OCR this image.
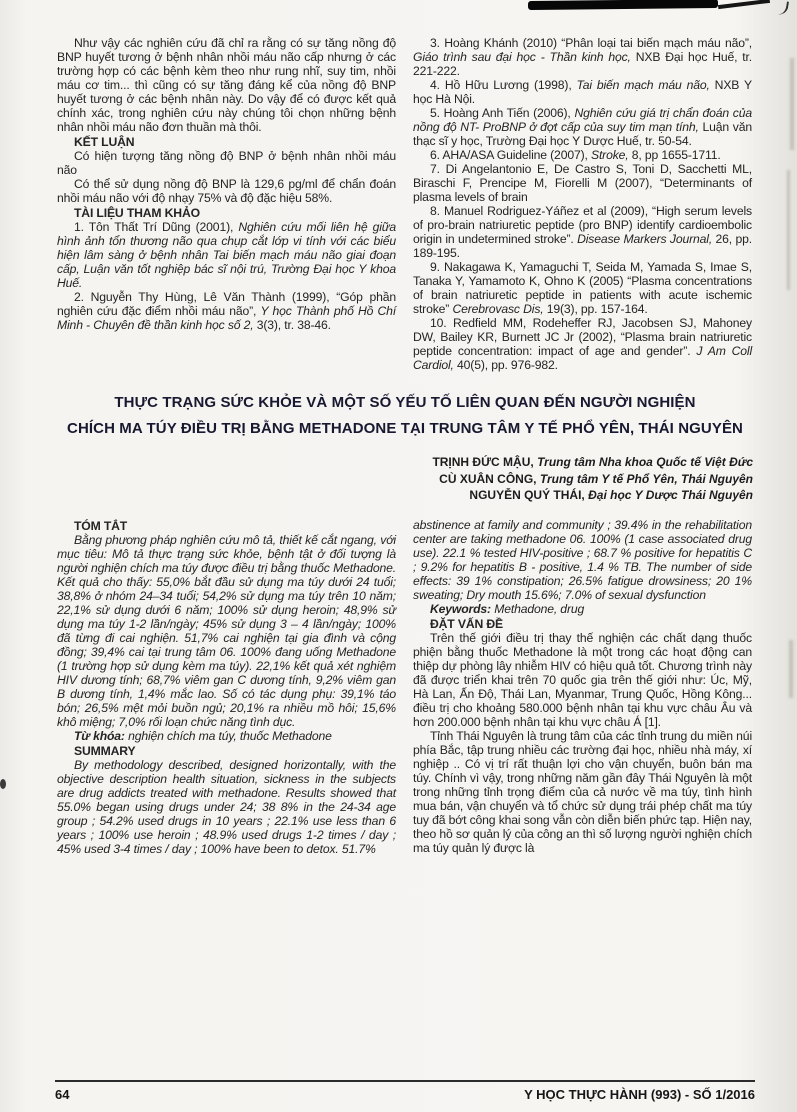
Như vậy các nghiên cứu đã chỉ ra rằng có sự tăng nồng độ BNP huyết tương ở bệnh nhân nhồi máu não cấp nhưng ở các trường hợp có các bệnh kèm theo như rung nhĩ, suy tim, nhồi máu cơ tim... thì cũng có sự tăng đáng kể của nồng độ BNP huyết tương ở các bệnh nhân này. Do vậy để có được kết quả chính xác, trong nghiên cứu này chúng tôi chọn những bệnh nhân nhồi máu não đơn thuần mà thôi.

KẾT LUẬN

Có hiện tượng tăng nồng độ BNP ở bệnh nhân nhồi máu não

Có thể sử dụng nồng độ BNP là 129,6 pg/ml để chẩn đoán nhồi máu não với độ nhạy 75% và độ đặc hiệu 58%.

TÀI LIỆU THAM KHẢO

1. Tôn Thất Trí Dũng (2001), Nghiên cứu mối liên hệ giữa hình ảnh tổn thương não qua chụp cắt lớp vi tính với các biểu hiện lâm sàng ở bệnh nhân Tai biến mạch máu não giai đoạn cấp, Luận văn tốt nghiệp bác sĩ nội trú, Trường Đại học Y khoa Huế.

2. Nguyễn Thy Hùng, Lê Văn Thành (1999), “Góp phần nghiên cứu đặc điểm nhồi máu não”, Y học Thành phố Hồ Chí Minh - Chuyên đề thần kinh học số 2, 3(3), tr. 38-46.

3. Hoàng Khánh (2010) “Phân loại tai biến mạch máu não”, Giáo trình sau đại học - Thần kinh học, NXB Đại học Huế, tr. 221-222.

4. Hồ Hữu Lương (1998), Tai biến mạch máu não, NXB Y học Hà Nội.

5. Hoàng Anh Tiến (2006), Nghiên cứu giá trị chẩn đoán của nồng độ NT- ProBNP ở đợt cấp của suy tim mạn tính, Luận văn thạc sĩ y học, Trường Đại học Y Dược Huế, tr. 50-54.

6. AHA/ASA Guideline (2007), Stroke, 8, pp 1655-1711.

7. Di Angelantonio E, De Castro S, Toni D, Sacchetti ML, Biraschi F, Prencipe M, Fiorelli M (2007), “Determinants of plasma levels of brain

8. Manuel Rodriguez-Yáñez et al (2009), “High serum levels of pro-brain natriuretic peptide (pro BNP) identify cardioembolic origin in undetermined stroke”. Disease Markers Journal, 26, pp. 189-195.

9. Nakagawa K, Yamaguchi T, Seida M, Yamada S, Imae S, Tanaka Y, Yamamoto K, Ohno K (2005) “Plasma concentrations of brain natriuretic peptide in patients with acute ischemic stroke” Cerebrovasc Dis, 19(3), pp. 157-164.

10. Redfield MM, Rodeheffer RJ, Jacobsen SJ, Mahoney DW, Bailey KR, Burnett JC Jr (2002), “Plasma brain natriuretic peptide concentration: impact of age and gender”. J Am Coll Cardiol, 40(5), pp. 976-982.

THỰC TRẠNG SỨC KHỎE VÀ MỘT SỐ YẾU TỐ LIÊN QUAN ĐẾN NGƯỜI NGHIỆN
CHÍCH MA TÚY ĐIỀU TRỊ BẰNG METHADONE TẠI TRUNG TÂM Y TẾ PHỔ YÊN, THÁI NGUYÊN

TRỊNH ĐỨC MẬU, Trung tâm Nha khoa Quốc tế Việt Đức

CÙ XUÂN CÔNG, Trung tâm Y tế Phổ Yên, Thái Nguyên

NGUYỄN QUÝ THÁI, Đại học Y Dược Thái Nguyên

TÓM TẮT

Bằng phương pháp nghiên cứu mô tả, thiết kế cắt ngang, với mục tiêu: Mô tả thực trạng sức khỏe, bệnh tật ở đối tượng là người nghiện chích ma túy được điều trị bằng thuốc Methadone. Kết quả cho thấy: 55,0% bắt đầu sử dụng ma túy dưới 24 tuổi; 38,8% ở nhóm 24–34 tuổi; 54,2% sử dụng ma túy trên 10 năm; 22,1% sử dụng dưới 6 năm; 100% sử dụng heroin; 48,9% sử dụng ma túy 1-2 lần/ngày; 45% sử dụng 3 – 4 lần/ngày; 100% đã từng đi cai nghiện. 51,7% cai nghiện tại gia đình và cộng đồng; 39,4% cai tại trung tâm 06. 100% đang uống Methadone (1 trường hợp sử dụng kèm ma túy). 22,1% kết quả xét nghiệm HIV dương tính; 68,7% viêm gan C dương tính, 9,2% viêm gan B dương tính, 1,4% mắc lao. Số có tác dụng phụ: 39,1% táo bón; 26,5% mệt mỏi buồn ngủ; 20,1% ra nhiều mồ hôi; 15,6% khô miệng; 7,0% rối loạn chức năng tình dục.

Từ khóa: nghiện chích ma túy, thuốc Methadone

SUMMARY

By methodology described, designed horizontally, with the objective description health situation, sickness in the subjects are drug addicts treated with methadone. Results showed that 55.0% began using drugs under 24; 38 8% in the 24-34 age group ; 54.2% used drugs in 10 years ; 22.1% use less than 6 years ; 100% use heroin ; 48.9% used drugs 1-2 times / day ; 45% used 3-4 times / day ; 100% have been to detox. 51.7%

abstinence at family and community ; 39.4% in the rehabilitation center are taking methadone 06. 100% (1 case associated drug use). 22.1 % tested HIV-positive ; 68.7 % positive for hepatitis C ; 9.2% for hepatitis B - positive, 1.4 % TB. The number of side effects: 39 1% constipation; 26.5% fatigue drowsiness; 20 1% sweating; Dry mouth 15.6%; 7.0% of sexual dysfunction

Keywords: Methadone, drug

ĐẶT VẤN ĐỀ

Trên thế giới điều trị thay thế nghiện các chất dạng thuốc phiện bằng thuốc Methadone là một trong các hoạt động can thiệp dự phòng lây nhiễm HIV có hiệu quả tốt. Chương trình này đã được triển khai trên 70 quốc gia trên thế giới như: Úc, Mỹ, Hà Lan, Ấn Độ, Thái Lan, Myanmar, Trung Quốc, Hồng Kông... điều trị cho khoảng 580.000 bệnh nhân tại khu vực châu Âu và hơn 200.000 bệnh nhân tại khu vực châu Á [1].

Tỉnh Thái Nguyên là trung tâm của các tỉnh trung du miền núi phía Bắc, tập trung nhiều các trường đại học, nhiều nhà máy, xí nghiệp .. Có vị trí rất thuận lợi cho vận chuyển, buôn bán ma túy. Chính vì vậy, trong những năm gần đây Thái Nguyên là một trong những tỉnh trọng điểm của cả nước về ma túy, tình hình mua bán, vận chuyển và tổ chức sử dụng trái phép chất ma túy tuy đã bớt công khai song vẫn còn diễn biến phức tạp. Hiện nay, theo hồ sơ quản lý của công an thì số lượng người nghiện chích ma túy quản lý được là

64	Y HỌC THỰC HÀNH (993) - SỐ 1/2016
